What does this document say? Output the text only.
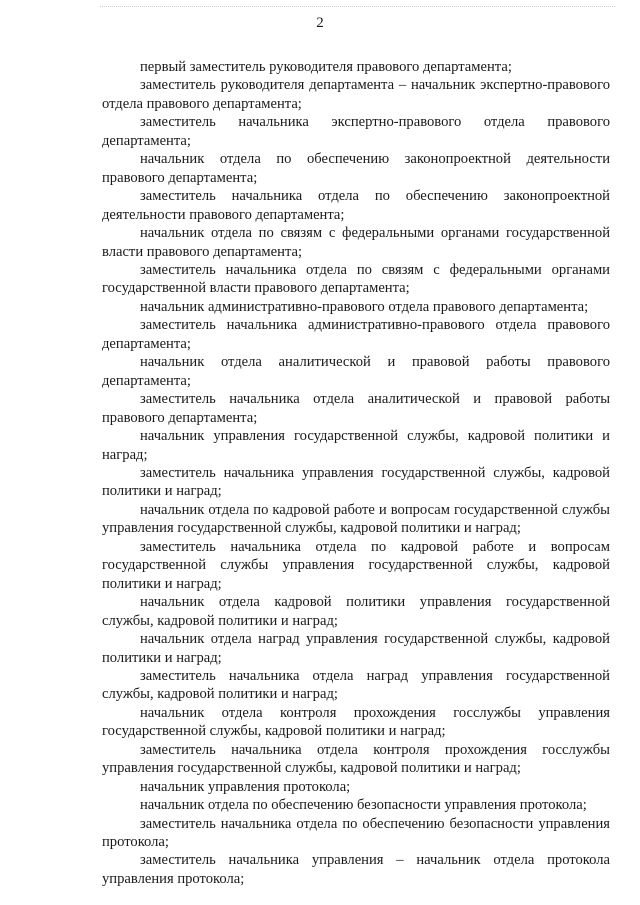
2

первый заместитель руководителя правового департамента;

заместитель руководителя департамента – начальник экспертно-правового отдела правового департамента;

заместитель начальника экспертно-правового отдела правового департамента;

начальник отдела по обеспечению законопроектной деятельности правового департамента;

заместитель начальника отдела по обеспечению законопроектной деятельности правового департамента;

начальник отдела по связям с федеральными органами государственной власти правового департамента;

заместитель начальника отдела по связям с федеральными органами государственной власти правового департамента;

начальник административно-правового отдела правового департамента;

заместитель начальника административно-правового отдела правового департамента;

начальник отдела аналитической и правовой работы правового департамента;

заместитель начальника отдела аналитической и правовой работы правового департамента;

начальник управления государственной службы, кадровой политики и наград;

заместитель начальника управления государственной службы, кадровой политики и наград;

начальник отдела по кадровой работе и вопросам государственной службы управления государственной службы, кадровой политики и наград;

заместитель начальника отдела по кадровой работе и вопросам государственной службы управления государственной службы, кадровой политики и наград;

начальник отдела кадровой политики управления государственной службы, кадровой политики и наград;

начальник отдела наград управления государственной службы, кадровой политики и наград;

заместитель начальника отдела наград управления государственной службы, кадровой политики и наград;

начальник отдела контроля прохождения госслужбы управления государственной службы, кадровой политики и наград;

заместитель начальника отдела контроля прохождения госслужбы управления государственной службы, кадровой политики и наград;

начальник управления протокола;

начальник отдела по обеспечению безопасности управления протокола;

заместитель начальника отдела по обеспечению безопасности управления протокола;

заместитель начальника управления – начальник отдела протокола управления протокола;
